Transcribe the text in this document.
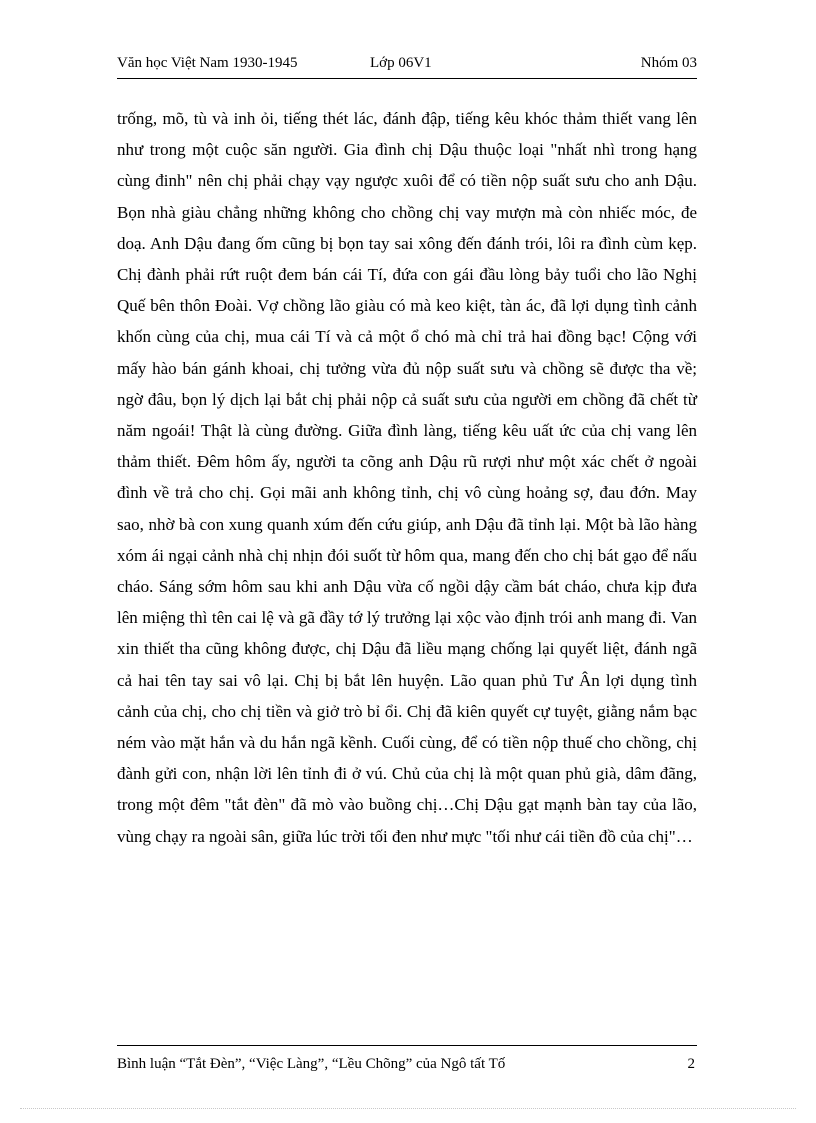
Văn học Việt Nam 1930-1945	Lớp 06V1	Nhóm 03

trống, mõ, tù và inh ỏi, tiếng thét lác, đánh đập, tiếng kêu khóc thảm thiết vang lên như trong một cuộc săn người. Gia đình chị Dậu thuộc loại "nhất nhì trong hạng cùng đinh" nên chị phải chạy vạy ngược xuôi để có tiền nộp suất sưu cho anh Dậu. Bọn nhà giàu chẳng những không cho chồng chị vay mượn mà còn nhiếc móc, đe doạ. Anh Dậu đang ốm cũng bị bọn tay sai xông đến đánh trói, lôi ra đình cùm kẹp. Chị đành phải rứt ruột đem bán cái Tí, đứa con gái đầu lòng bảy tuổi cho lão Nghị Quế bên thôn Đoài. Vợ chồng lão giàu có mà keo kiệt, tàn ác, đã lợi dụng tình cảnh khốn cùng của chị, mua cái Tí và cả một ổ chó mà chỉ trả hai đồng bạc! Cộng với mấy hào bán gánh khoai, chị tưởng vừa đủ nộp suất sưu và chồng sẽ được tha về; ngờ đâu, bọn lý dịch lại bắt chị phải nộp cả suất sưu của người em chồng đã chết từ năm ngoái! Thật là cùng đường. Giữa đình làng, tiếng kêu uất ức của chị vang lên thảm thiết. Đêm hôm ấy, người ta cõng anh Dậu rũ rượi như một xác chết ở ngoài đình về trả cho chị. Gọi mãi anh không tỉnh, chị vô cùng hoảng sợ, đau đớn. May sao, nhờ bà con xung quanh xúm đến cứu giúp, anh Dậu đã tỉnh lại. Một bà lão hàng xóm ái ngại cảnh nhà chị nhịn đói suốt từ hôm qua, mang đến cho chị bát gạo để nấu cháo. Sáng sớm hôm sau khi anh Dậu vừa cố ngồi dậy cầm bát cháo, chưa kịp đưa lên miệng thì tên cai lệ và gã đầy tớ lý trưởng lại xộc vào định trói anh mang đi. Van xin thiết tha cũng không được, chị Dậu đã liều mạng chống lại quyết liệt, đánh ngã cả hai tên tay sai vô lại. Chị bị bắt lên huyện. Lão quan phủ Tư Ân lợi dụng tình cảnh của chị, cho chị tiền và giở trò bỉ ổi. Chị đã kiên quyết cự tuyệt, giằng nắm bạc ném vào mặt hắn và du hắn ngã kềnh. Cuối cùng, để có tiền nộp thuế cho chồng, chị đành gửi con, nhận lời lên tỉnh đi ở vú. Chủ của chị là một quan phủ già, dâm đãng, trong một đêm "tắt đèn" đã mò vào buồng chị…Chị Dậu gạt mạnh bàn tay của lão, vùng chạy ra ngoài sân, giữa lúc trời tối đen như mực "tối như cái tiền đồ của chị"…

Bình luận “Tắt Đèn”, “Việc Làng”, “Lều Chõng” của Ngô tất Tố	2
